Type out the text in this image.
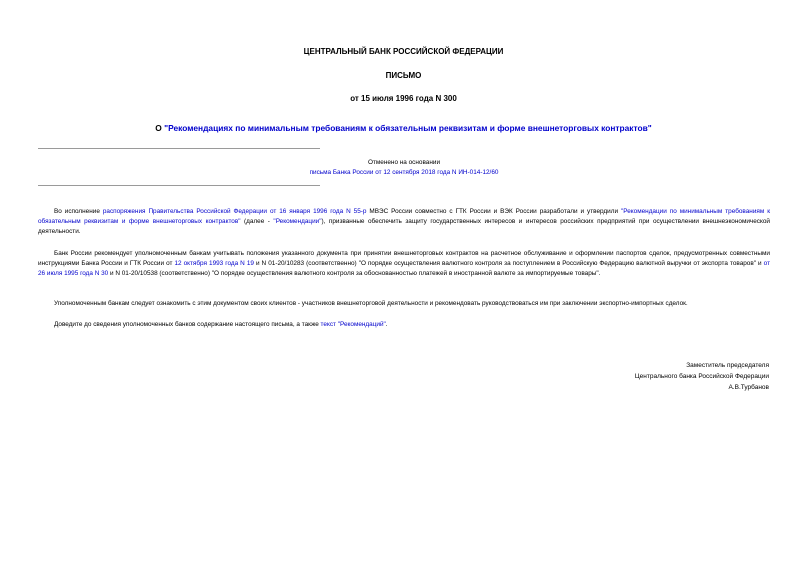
ЦЕНТРАЛЬНЫЙ БАНК РОССИЙСКОЙ ФЕДЕРАЦИИ
ПИСЬМО
от 15 июля 1996 года N 300
О "Рекомендациях по минимальным требованиям к обязательным реквизитам и форме внешнеторговых контрактов"
Отменено на основании
письма Банка России от 12 сентября 2018 года N ИН-014-12/60

Во исполнение распоряжения Правительства Российской Федерации от 16 января 1996 года N 55-р МВЭС России совместно с ГТК России и ВЭК России разработали и утвердили "Рекомендации по минимальным требованиям к обязательным реквизитам и форме внешнеторговых контрактов" (далее - "Рекомендации"), призванные обеспечить защиту государственных интересов и интересов российских предприятий при осуществлении внешнеэкономической деятельности.

Банк России рекомендует уполномоченным банкам учитывать положения указанного документа при принятии внешнеторговых контрактов на расчетное обслуживание и оформлении паспортов сделок, предусмотренных совместными инструкциями Банка России и ГТК России от 12 октября 1993 года N 19 и N 01-20/10283 (соответственно) "О порядке осуществления валютного контроля за поступлением в Российскую Федерацию валютной выручки от экспорта товаров" и от 26 июля 1995 года N 30 и N 01-20/10538 (соответственно) "О порядке осуществления валютного контроля за обоснованностью платежей в иностранной валюте за импортируемые товары".

Уполномоченным банкам следует ознакомить с этим документом своих клиентов - участников внешнеторговой деятельности и рекомендовать руководствоваться им при заключении экспортно-импортных сделок.

Доведите до сведения уполномоченных банков содержание настоящего письма, а также текст "Рекомендаций".

Заместитель председателя
Центрального банка Российской Федерации
А.В.Турбанов
